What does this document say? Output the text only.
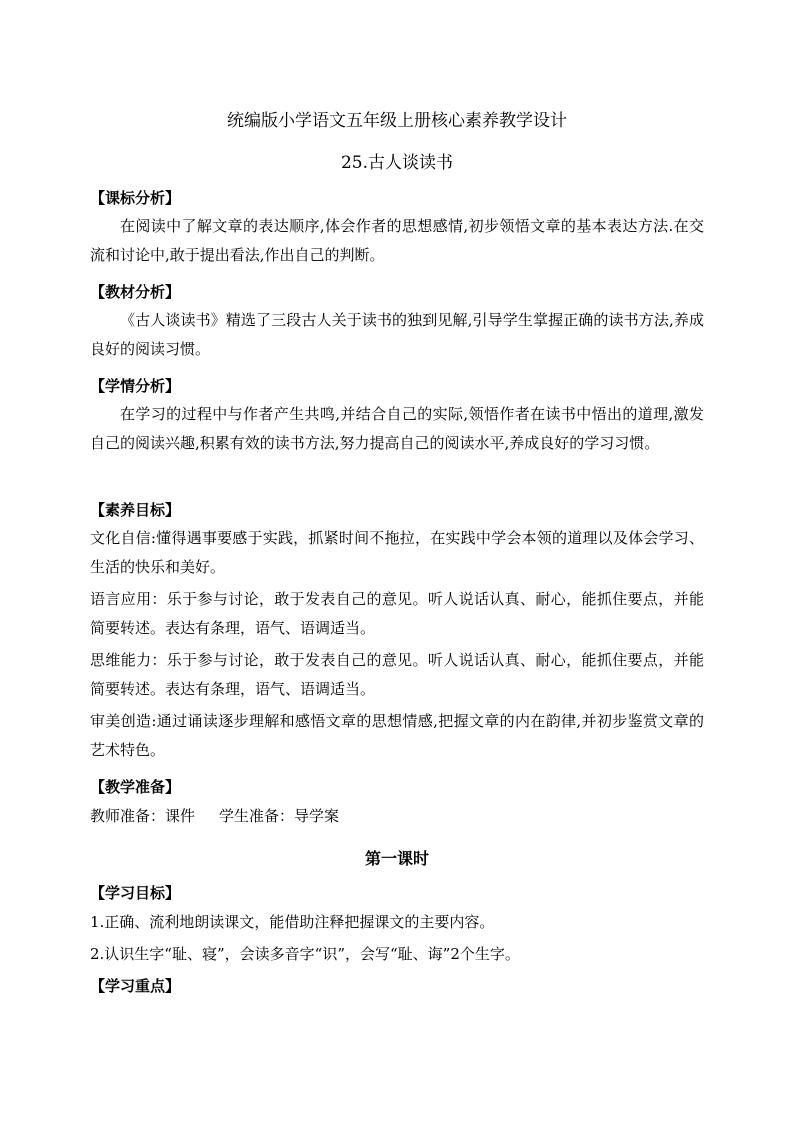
统编版小学语文五年级上册核心素养教学设计
25.古人谈读书
【课标分析】
在阅读中了解文章的表达顺序,体会作者的思想感情,初步领悟文章的基本表达方法.在交流和讨论中,敢于提出看法,作出自己的判断。
【教材分析】
《古人谈读书》精选了三段古人关于读书的独到见解,引导学生掌握正确的读书方法,养成良好的阅读习惯。
【学情分析】
在学习的过程中与作者产生共鸣,并结合自己的实际,领悟作者在读书中悟出的道理,激发自己的阅读兴趣,积累有效的读书方法,努力提高自己的阅读水平,养成良好的学习习惯。
【素养目标】
文化自信:懂得遇事要感于实践，抓紧时间不拖拉，在实践中学会本领的道理以及体会学习、生活的快乐和美好。
语言应用：乐于参与讨论，敢于发表自己的意见。听人说话认真、耐心，能抓住要点，并能简要转述。表达有条理，语气、语调适当。
思维能力：乐于参与讨论，敢于发表自己的意见。听人说话认真、耐心，能抓住要点，并能简要转述。表达有条理，语气、语调适当。
审美创造:通过诵读逐步理解和感悟文章的思想情感,把握文章的内在韵律,并初步鉴赏文章的艺术特色。
【教学准备】
教师准备：课件 学生准备：导学案
第一课时
【学习目标】
1.正确、流利地朗读课文，能借助注释把握课文的主要内容。
2.认识生字“耻、寝”，会读多音字“识”，会写“耻、诲”2个生字。
【学习重点】
